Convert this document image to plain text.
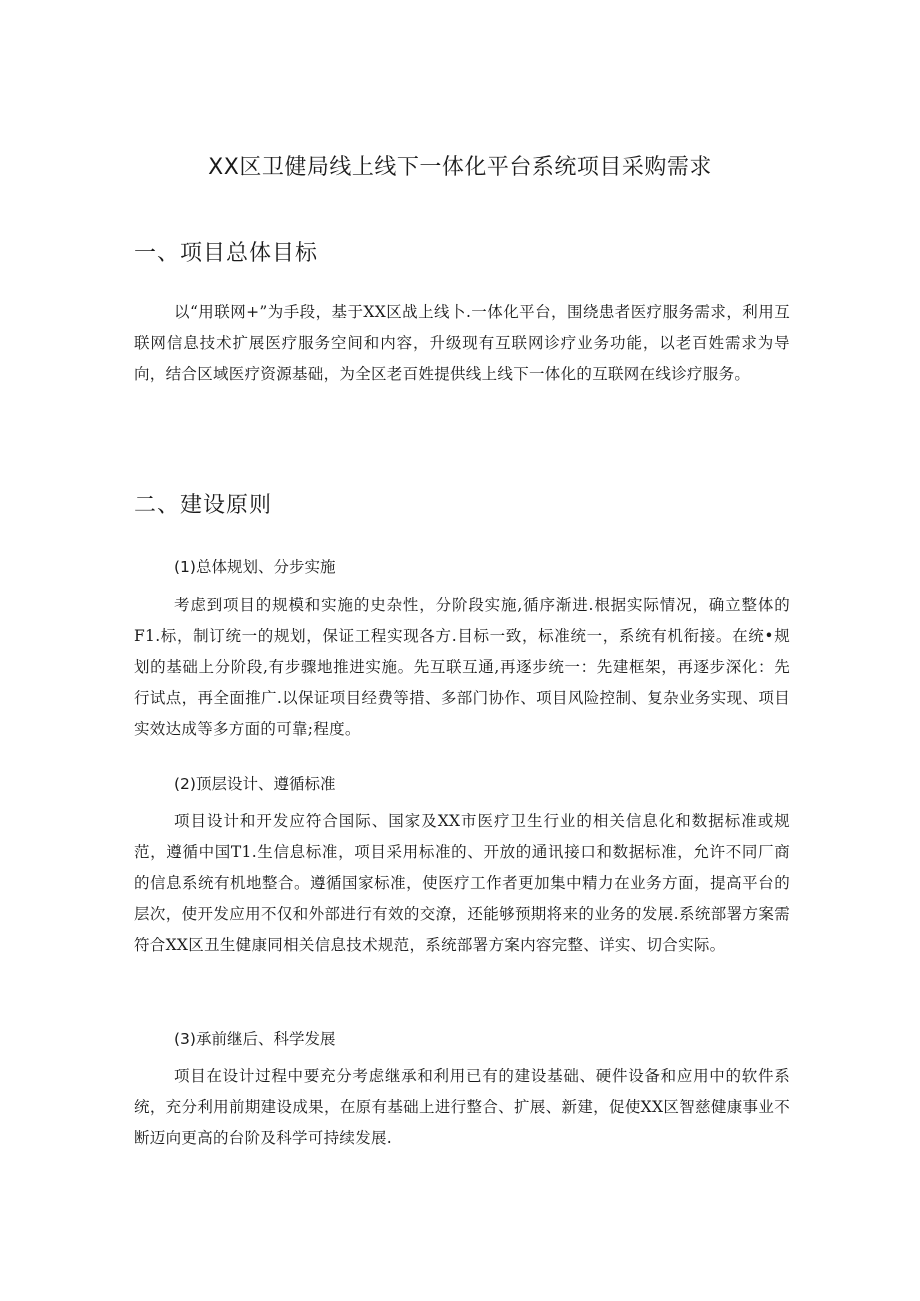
XX区卫健局线上线下一体化平台系统项目采购需求
一、项目总体目标

以“用联网+”为手段，基于XX区战上线卜.一体化平台，围绕患者医疗服务需求，利用互联网信息技术扩展医疗服务空间和内容，升级现有互联网诊疗业务功能，以老百姓需求为导向，结合区域医疗资源基础，为全区老百姓提供线上线下一体化的互联网在线诊疗服务。

二、建设原则

(1)总体规划、分步实施

考虑到项目的规模和实施的史杂性，分阶段实施,循序渐进.根据实际情况，确立整体的F1.标，制订统一的规划，保证工程实现各方.目标一致，标准统一，系统有机衔接。在统•规划的基础上分阶段,有步骤地推进实施。先互联互通,再逐步统一：先建框架，再逐步深化：先行试点，再全面推广.以保证项目经费等措、多部门协作、项目风险控制、复杂业务实现、项目实效达成等多方面的可靠;程度。

(2)顶层设计、遵循标准

项目设计和开发应符合国际、国家及XX市医疗卫生行业的相关信息化和数据标准或规范，遵循中国T1.生信息标准，项目采用标准的、开放的通讯接口和数据标准，允许不同厂商的信息系统有机地整合。遵循国家标准，使医疗工作者更加集中精力在业务方面，提高平台的层次，使开发应用不仅和外部进行有效的交潦，还能够预期将来的业务的发展.系统部署方案需符合XX区丑生健康同相关信息技术规范，系统部署方案内容完整、详实、切合实际。

(3)承前继后、科学发展

项目在设计过程中要充分考虑继承和利用已有的建设基础、硬件设备和应用中的软件系统，充分利用前期建设成果，在原有基础上进行整合、扩展、新建，促使XX区智慈健康事业不断迈向更高的台阶及科学可持续发展.
